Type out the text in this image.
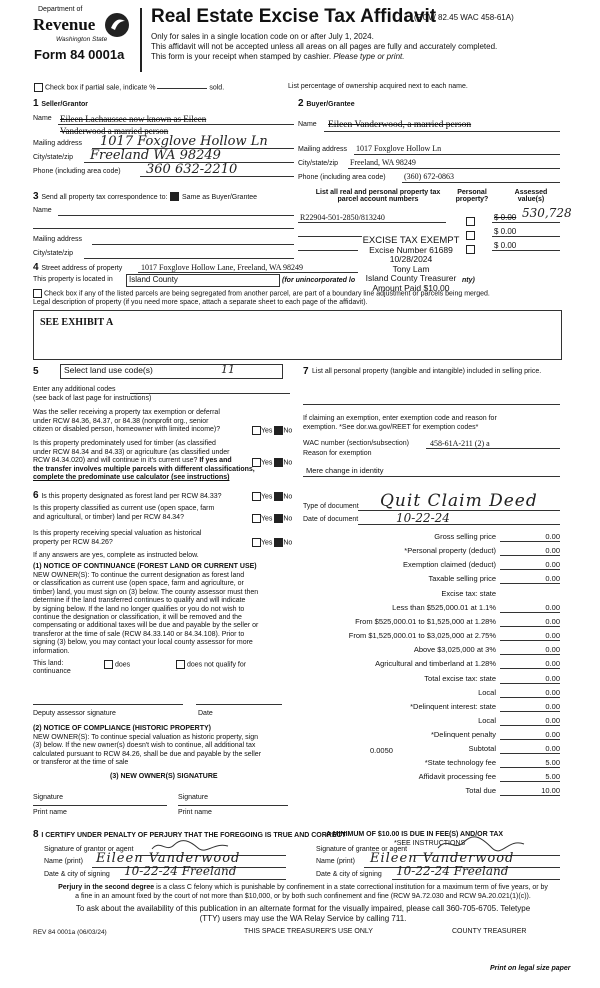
Department of
Revenue
Washington State
Form 84 0001a
Real Estate Excise Tax Affidavit
(RCW 82.45 WAC 458-61A)
Only for sales in a single location code on or after July 1, 2024.
This affidavit will not be accepted unless all areas on all pages are fully and accurately completed.
This form is your receipt when stamped by cashier. Please type or print.
Check box if partial sale, indicate %	sold.	List percentage of ownership acquired next to each name.
1 Seller/Grantor
Name Eileen Lachaussee now known as Eileen
Vanderwood a married person
Mailing address 1017 Foxglove Hollow Ln
City/state/zip Freeland WA 98249
Phone (including area code) 360 632-2210
2 Buyer/Grantee
Name Eileen Vanderwood, a married person
Mailing address 1017 Foxglove Hollow Ln
City/state/zip Freeland, WA 98249
Phone (including area code) (360) 672-0863
3 Send all property tax correspondence to: Same as Buyer/Grantee
Name
Mailing address
City/state/zip
List all real and personal property tax
parcel account numbers
Personal
property?
Assessed
value(s)
R22904-501-2850/813240	$ 0.00 530,728
$ 0.00
$ 0.00
EXCISE TAX EXEMPT
Excise Number 61689
10/28/2024
Tony Lam
Island County Treasurer
Amount Paid $10.00
4 Street address of property 1017 Foxglove Hollow Lane, Freeland, WA 98249
This property is located in	Island County	(for unincorporated lo	nty)
Check box if any of the listed parcels are being segregated from another parcel, are part of a boundary line adjustment or parcels being merged.
Legal description of property (if you need more space, attach a separate sheet to each page of the affidavit).
SEE EXHIBIT A
5	Select land use code(s)	11
Enter any additional codes
(see back of last page for instructions)
Was the seller receiving a property tax exemption or deferral
under RCW 84.36, 84.37, or 84.38 (nonprofit org., senior
citizen or disabled person, homeowner with limited income)?	Yes No
Is this property predominately used for timber (as classified
under RCW 84.34 and 84.33) or agriculture (as classified under
RCW 84.34.020) and will continue in it's current use? If yes and
the transfer involves multiple parcels with different classifications,
complete the predominate use calculator (see instructions)
Yes No
6 Is this property designated as forest land per RCW 84.33?	Yes No
Is this property classified as current use (open space, farm
and agricultural, or timber) land per RCW 84.34?	Yes No
Is this property receiving special valuation as historical
property per RCW 84.26?	Yes No
If any answers are yes, complete as instructed below.
(1) NOTICE OF CONTINUANCE (FOREST LAND OR CURRENT USE)
NEW OWNER(S): To continue the current designation as forest land
or classification as current use (open space, farm and agriculture, or
timber) land, you must sign on (3) below. The county assessor must then
determine if the land transferred continues to qualify and will indicate
by signing below. If the land no longer qualifies or you do not wish to
continue the designation or classification, it will be removed and the
compensating or additional taxes will be due and payable by the seller or
transferor at the time of sale (RCW 84.33.140 or 84.34.108). Prior to
signing (3) below, you may contact your local county assessor for more
information.
This land:
continuance
does	does not qualify for
Deputy assessor signature	Date
(2) NOTICE OF COMPLIANCE (HISTORIC PROPERTY)
NEW OWNER(S): To continue special valuation as historic property, sign
(3) below. If the new owner(s) doesn't wish to continue, all additional tax
calculated pursuant to RCW 84.26, shall be due and payable by the seller
or transferor at the time of sale
(3) NEW OWNER(S) SIGNATURE
Signature
Print name
Signature
Print name
7 List all personal property (tangible and intangible) included in selling price.
If claiming an exemption, enter exemption code and reason for
exemption. *See dor.wa.gov/REET for exemption codes*
WAC number (section/subsection)	458-61A-211 (2) a
Reason for exemption
Mere change in identity
Type of document Quit Claim Deed
Date of document	10-22-24
Gross selling price	0.00
*Personal property (deduct)	0.00
Exemption claimed (deduct)	0.00
Taxable selling price	0.00
Excise tax: state
Less than $525,000.01 at 1.1%	0.00
From $525,000.01 to $1,525,000 at 1.28%	0.00
From $1,525,000.01 to $3,025,000 at 2.75%	0.00
Above $3,025,000 at 3%	0.00
Agricultural and timberland at 1.28%	0.00
Total excise tax: state	0.00
Local	0.00
*Delinquent interest: state	0.00
Local	0.00
*Delinquent penalty	0.00
Subtotal	0.00
*State technology fee	5.00
Affidavit processing fee	5.00
Total due	10.00
0.0050
A MINIMUM OF $10.00 IS DUE IN FEE(S) AND/OR TAX
*SEE INSTRUCTIONS
8 I CERTIFY UNDER PENALTY OF PERJURY THAT THE FOREGOING IS TRUE AND CORRECT
Signature of grantor or agent
Name (print) Eileen Vanderwood
Date & city of signing 10-22-24 Freeland
Signature of grantee or agent
Name (print) Eileen Vanderwood
Date & city of signing 10-22-24 Freeland
Perjury in the second degree is a class C felony which is punishable by confinement in a state correctional institution for a maximum term of five years, or by
a fine in an amount fixed by the court of not more than $10,000, or by both such confinement and fine (RCW 9A.72.030 and RCW 9A.20.021(1)(c)).
To ask about the availability of this publication in an alternate format for the visually impaired, please call 360-705-6705. Teletype
(TTY) users may use the WA Relay Service by calling 711.
REV 84 0001a (06/03/24)	THIS SPACE TREASURER'S USE ONLY	COUNTY TREASURER
Print on legal size paper
